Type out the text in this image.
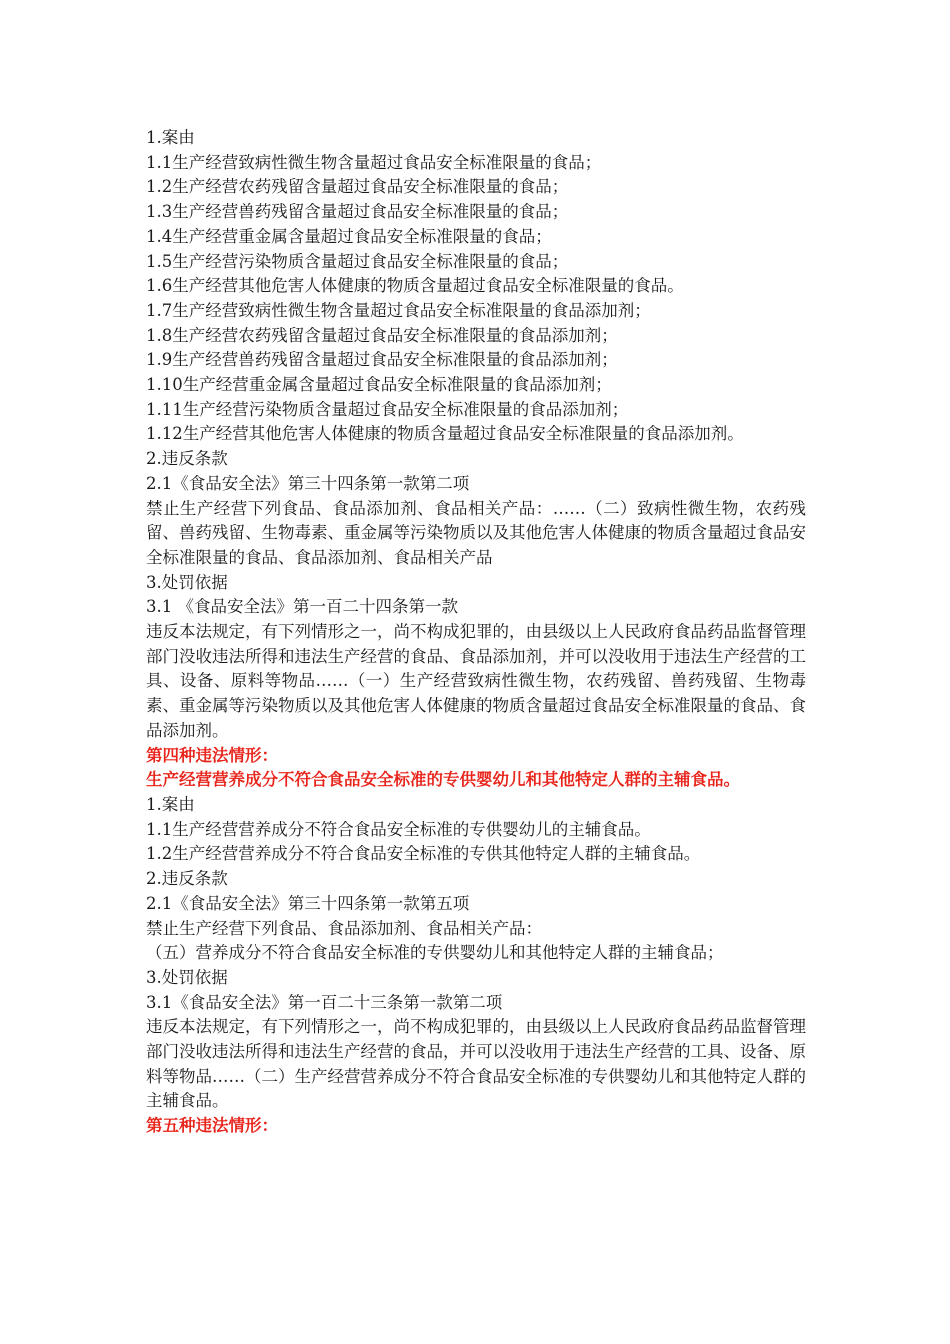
1.案由

1.1生产经营致病性微生物含量超过食品安全标准限量的食品；

1.2生产经营农药残留含量超过食品安全标准限量的食品；

1.3生产经营兽药残留含量超过食品安全标准限量的食品；

1.4生产经营重金属含量超过食品安全标准限量的食品；

1.5生产经营污染物质含量超过食品安全标准限量的食品；

1.6生产经营其他危害人体健康的物质含量超过食品安全标准限量的食品。

1.7生产经营致病性微生物含量超过食品安全标准限量的食品添加剂；

1.8生产经营农药残留含量超过食品安全标准限量的食品添加剂；

1.9生产经营兽药残留含量超过食品安全标准限量的食品添加剂；

1.10生产经营重金属含量超过食品安全标准限量的食品添加剂；

1.11生产经营污染物质含量超过食品安全标准限量的食品添加剂；

1.12生产经营其他危害人体健康的物质含量超过食品安全标准限量的食品添加剂。

2.违反条款

2.1《食品安全法》第三十四条第一款第二项

禁止生产经营下列食品、食品添加剂、食品相关产品：……（二）致病性微生物，农药残留、兽药残留、生物毒素、重金属等污染物质以及其他危害人体健康的物质含量超过食品安全标准限量的食品、食品添加剂、食品相关产品

3.处罚依据

3.1 《食品安全法》第一百二十四条第一款

违反本法规定，有下列情形之一，尚不构成犯罪的，由县级以上人民政府食品药品监督管理部门没收违法所得和违法生产经营的食品、食品添加剂，并可以没收用于违法生产经营的工具、设备、原料等物品……（一）生产经营致病性微生物，农药残留、兽药残留、生物毒素、重金属等污染物质以及其他危害人体健康的物质含量超过食品安全标准限量的食品、食品添加剂。

第四种违法情形：

生产经营营养成分不符合食品安全标准的专供婴幼儿和其他特定人群的主辅食品。

1.案由

1.1生产经营营养成分不符合食品安全标准的专供婴幼儿的主辅食品。

1.2生产经营营养成分不符合食品安全标准的专供其他特定人群的主辅食品。

2.违反条款

2.1《食品安全法》第三十四条第一款第五项

禁止生产经营下列食品、食品添加剂、食品相关产品：

（五）营养成分不符合食品安全标准的专供婴幼儿和其他特定人群的主辅食品；

3.处罚依据

3.1《食品安全法》第一百二十三条第一款第二项

违反本法规定，有下列情形之一，尚不构成犯罪的，由县级以上人民政府食品药品监督管理部门没收违法所得和违法生产经营的食品，并可以没收用于违法生产经营的工具、设备、原料等物品……（二）生产经营营养成分不符合食品安全标准的专供婴幼儿和其他特定人群的主辅食品。

第五种违法情形：
